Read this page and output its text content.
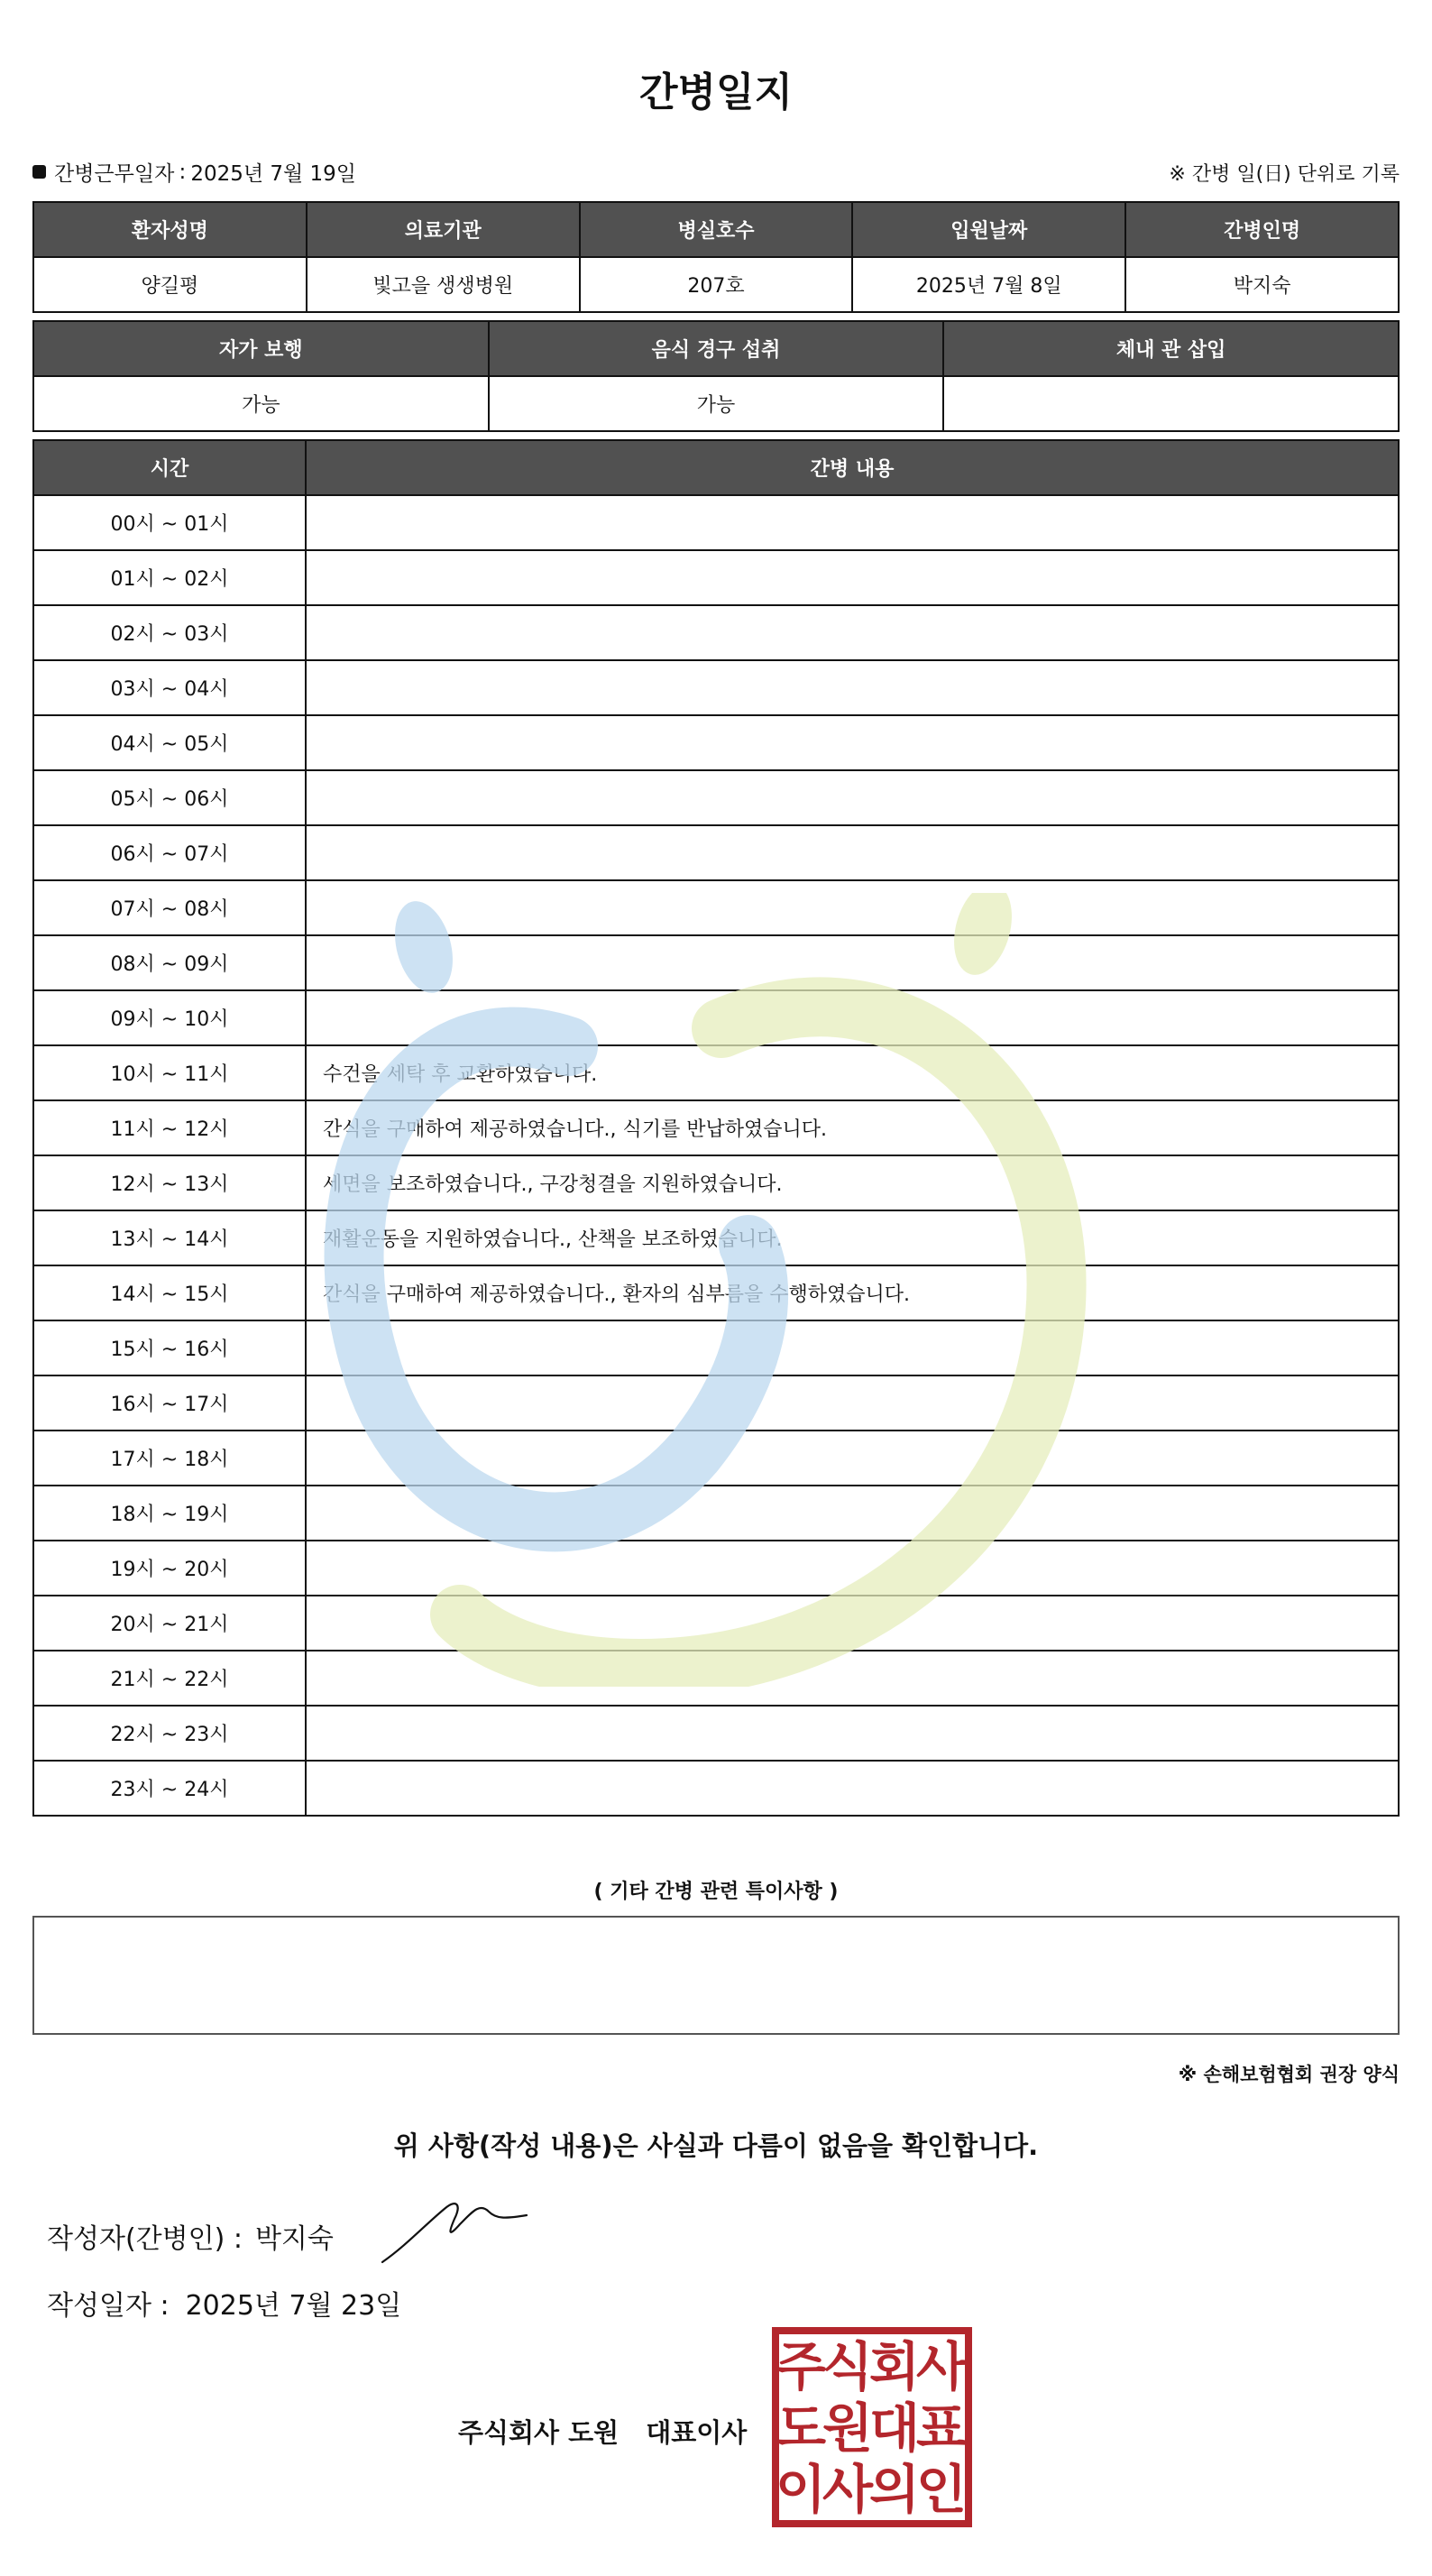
간병일지
간병근무일자 : 2025년 7월 19일	※ 간병 일(日) 단위로 기록
환자성명	의료기관	병실호수	입원날짜	간병인명
양길평	빛고을 생생병원	207호	2025년 7월 8일	박지숙
자가 보행	음식 경구 섭취	체내 관 삽입
가능	가능	
시간	간병 내용
00시 ~ 01시	
01시 ~ 02시	
02시 ~ 03시	
03시 ~ 04시	
04시 ~ 05시	
05시 ~ 06시	
06시 ~ 07시	
07시 ~ 08시	
08시 ~ 09시	
09시 ~ 10시	
10시 ~ 11시	수건을 세탁 후 교환하였습니다.
11시 ~ 12시	간식을 구매하여 제공하였습니다., 식기를 반납하였습니다.
12시 ~ 13시	세면을 보조하였습니다., 구강청결을 지원하였습니다.
13시 ~ 14시	재활운동을 지원하였습니다., 산책을 보조하였습니다.
14시 ~ 15시	간식을 구매하여 제공하였습니다., 환자의 심부름을 수행하였습니다.
15시 ~ 16시	
16시 ~ 17시	
17시 ~ 18시	
18시 ~ 19시	
19시 ~ 20시	
20시 ~ 21시	
21시 ~ 22시	
22시 ~ 23시	
23시 ~ 24시	
( 기타 간병 관련 특이사항 )
※ 손해보험협회 권장 양식
위 사항(작성 내용)은 사실과 다름이 없음을 확인합니다.
작성자(간병인) : 박지숙
작성일자 : 2025년 7월 23일
주식회사 도원 대표이사
주
식
회
사
도
원
대
표
이
사
의
인
